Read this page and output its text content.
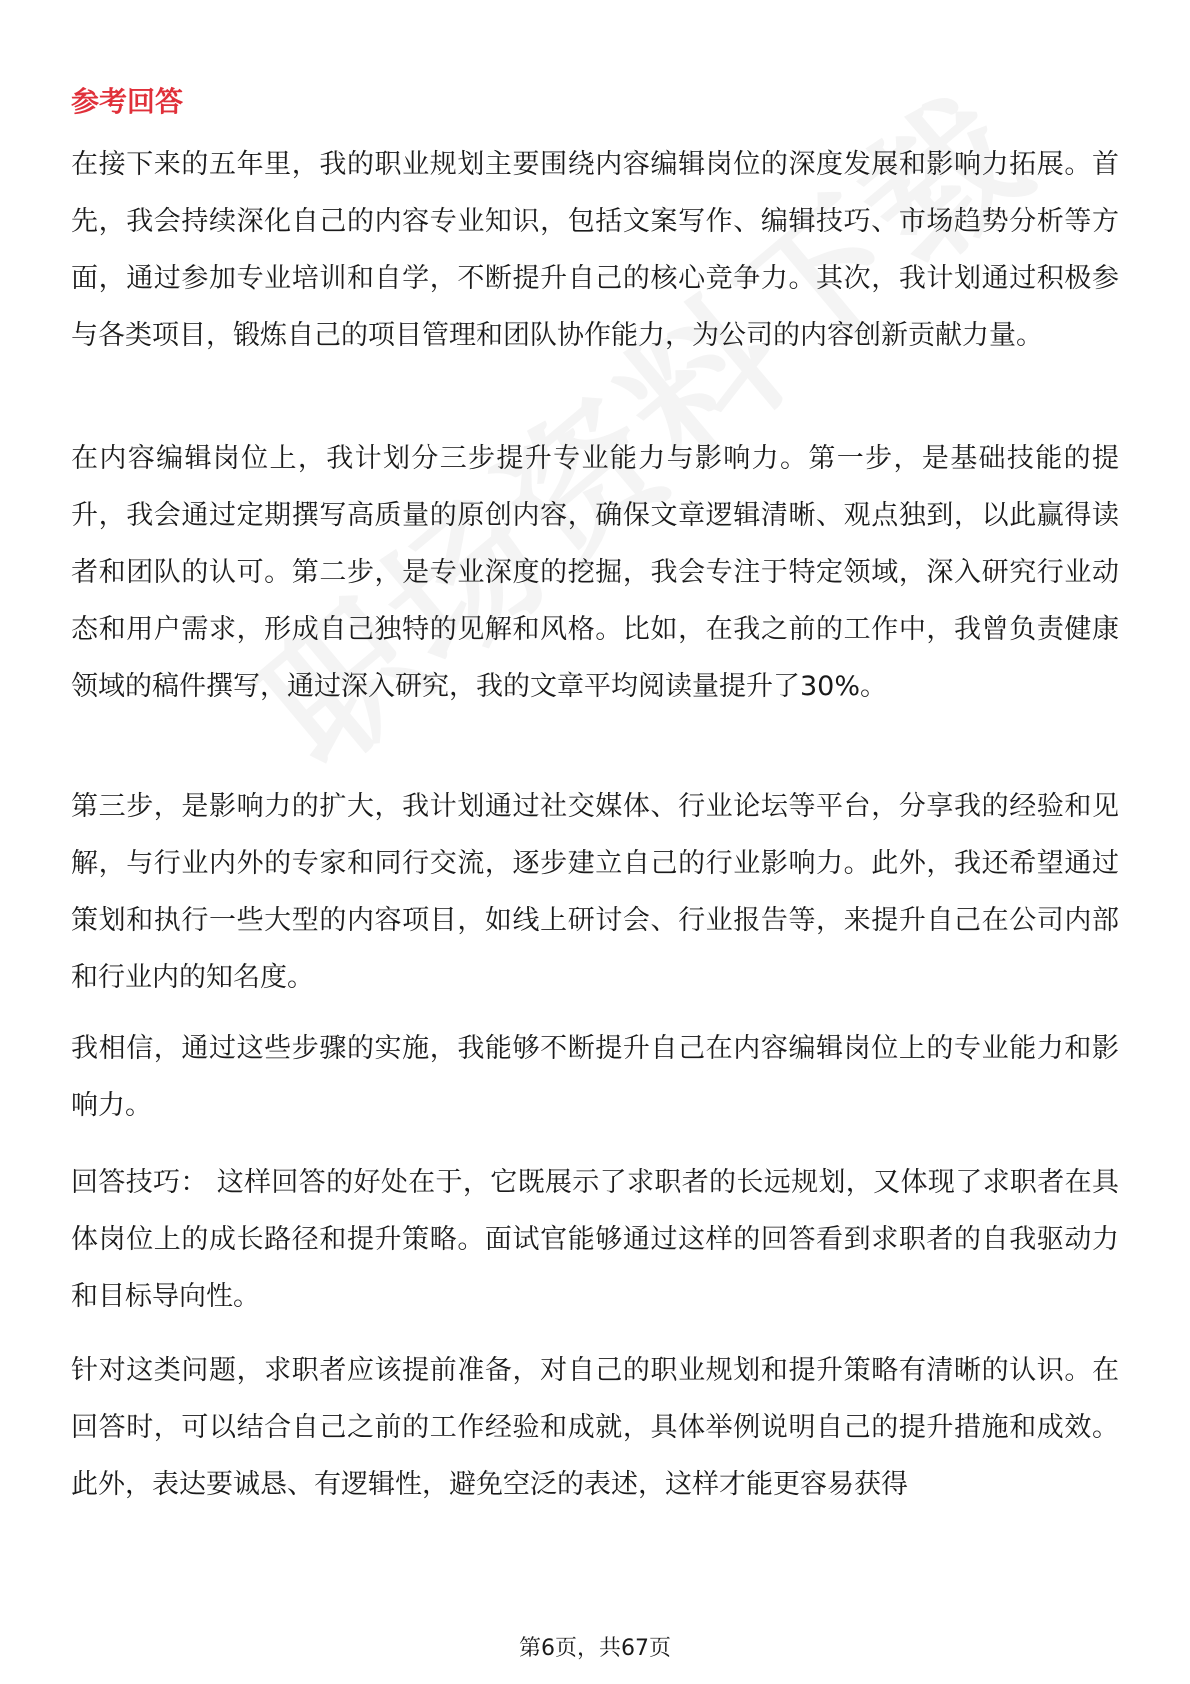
参考回答

在接下来的五年里，我的职业规划主要围绕内容编辑岗位的深度发展和影响力拓展。首先，我会持续深化自己的内容专业知识，包括文案写作、编辑技巧、市场趋势分析等方面，通过参加专业培训和自学，不断提升自己的核心竞争力。其次，我计划通过积极参与各类项目，锻炼自己的项目管理和团队协作能力，为公司的内容创新贡献力量。

在内容编辑岗位上，我计划分三步提升专业能力与影响力。第一步，是基础技能的提升，我会通过定期撰写高质量的原创内容，确保文章逻辑清晰、观点独到，以此赢得读者和团队的认可。第二步，是专业深度的挖掘，我会专注于特定领域，深入研究行业动态和用户需求，形成自己独特的见解和风格。比如，在我之前的工作中，我曾负责健康领域的稿件撰写，通过深入研究，我的文章平均阅读量提升了30%。

第三步，是影响力的扩大，我计划通过社交媒体、行业论坛等平台，分享我的经验和见解，与行业内外的专家和同行交流，逐步建立自己的行业影响力。此外，我还希望通过策划和执行一些大型的内容项目，如线上研讨会、行业报告等，来提升自己在公司内部和行业内的知名度。

我相信，通过这些步骤的实施，我能够不断提升自己在内容编辑岗位上的专业能力和影响力。

回答技巧： 这样回答的好处在于，它既展示了求职者的长远规划，又体现了求职者在具体岗位上的成长路径和提升策略。面试官能够通过这样的回答看到求职者的自我驱动力和目标导向性。

针对这类问题，求职者应该提前准备，对自己的职业规划和提升策略有清晰的认识。在回答时，可以结合自己之前的工作经验和成就，具体举例说明自己的提升措施和成效。此外，表达要诚恳、有逻辑性，避免空泛的表述，这样才能更容易获得

第6页，共67页
